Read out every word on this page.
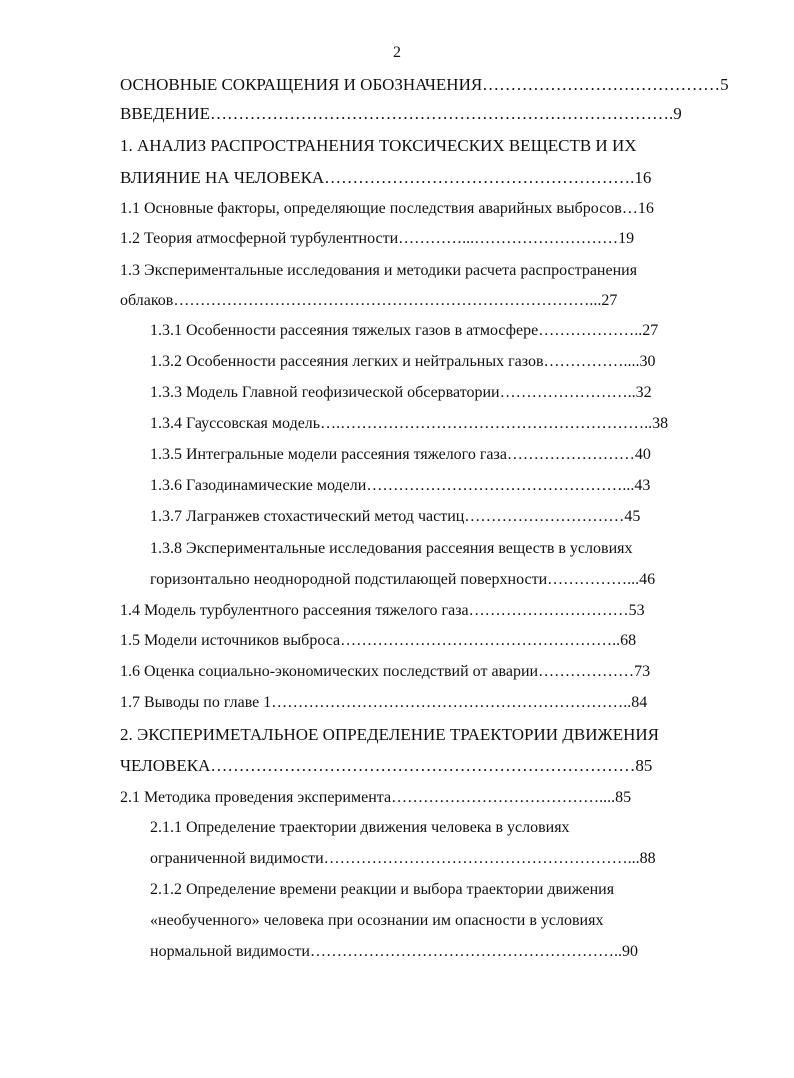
2
ОСНОВНЫЕ СОКРАЩЕНИЯ И ОБОЗНАЧЕНИЯ……………………………………5
ВВЕДЕНИЕ……………………………………………………………………….9
1. АНАЛИЗ РАСПРОСТРАНЕНИЯ ТОКСИЧЕСКИХ ВЕЩЕСТВ И ИХ
ВЛИЯНИЕ НА ЧЕЛОВЕКА……………………………………………….16
1.1 Основные факторы, определяющие последствия аварийных выбросов…16
1.2 Теория атмосферной турбулентности…………...………………………19
1.3 Экспериментальные исследования и методики расчета распространения
облаков……………………………………………………………………...27
1.3.1 Особенности рассеяния тяжелых газов в атмосфере………………..27
1.3.2 Особенности рассеяния легких и нейтральных газов……………....30
1.3.3 Модель Главной геофизической обсерватории……………………..32
1.3.4 Гауссовская модель….…………………………………………………..38
1.3.5 Интегральные модели рассеяния тяжелого газа……………………40
1.3.6 Газодинамические модели…………………………………………...43
1.3.7 Лагранжев стохастический метод частиц…………………………45
1.3.8 Экспериментальные исследования рассеяния веществ в условиях
горизонтально неоднородной подстилающей поверхности……………...46
1.4 Модель турбулентного рассеяния тяжелого газа…………………………53
1.5 Модели источников выброса……………………………………………..68
1.6 Оценка социально-экономических последствий от аварии………………73
1.7 Выводы по главе 1…………………………………………………………..84
2. ЭКСПЕРИМЕТАЛЬНОЕ ОПРЕДЕЛЕНИЕ ТРАЕКТОРИИ ДВИЖЕНИЯ
ЧЕЛОВЕКА…………………………………………………………………85
2.1 Методика проведения эксперимента…………………………………....85
2.1.1 Определение траектории движения человека в условиях
ограниченной видимости…………………………………………………...88
2.1.2 Определение времени реакции и выбора траектории движения
«необученного» человека при осознании им опасности в условиях
нормальной видимости…………………………………………………..90
